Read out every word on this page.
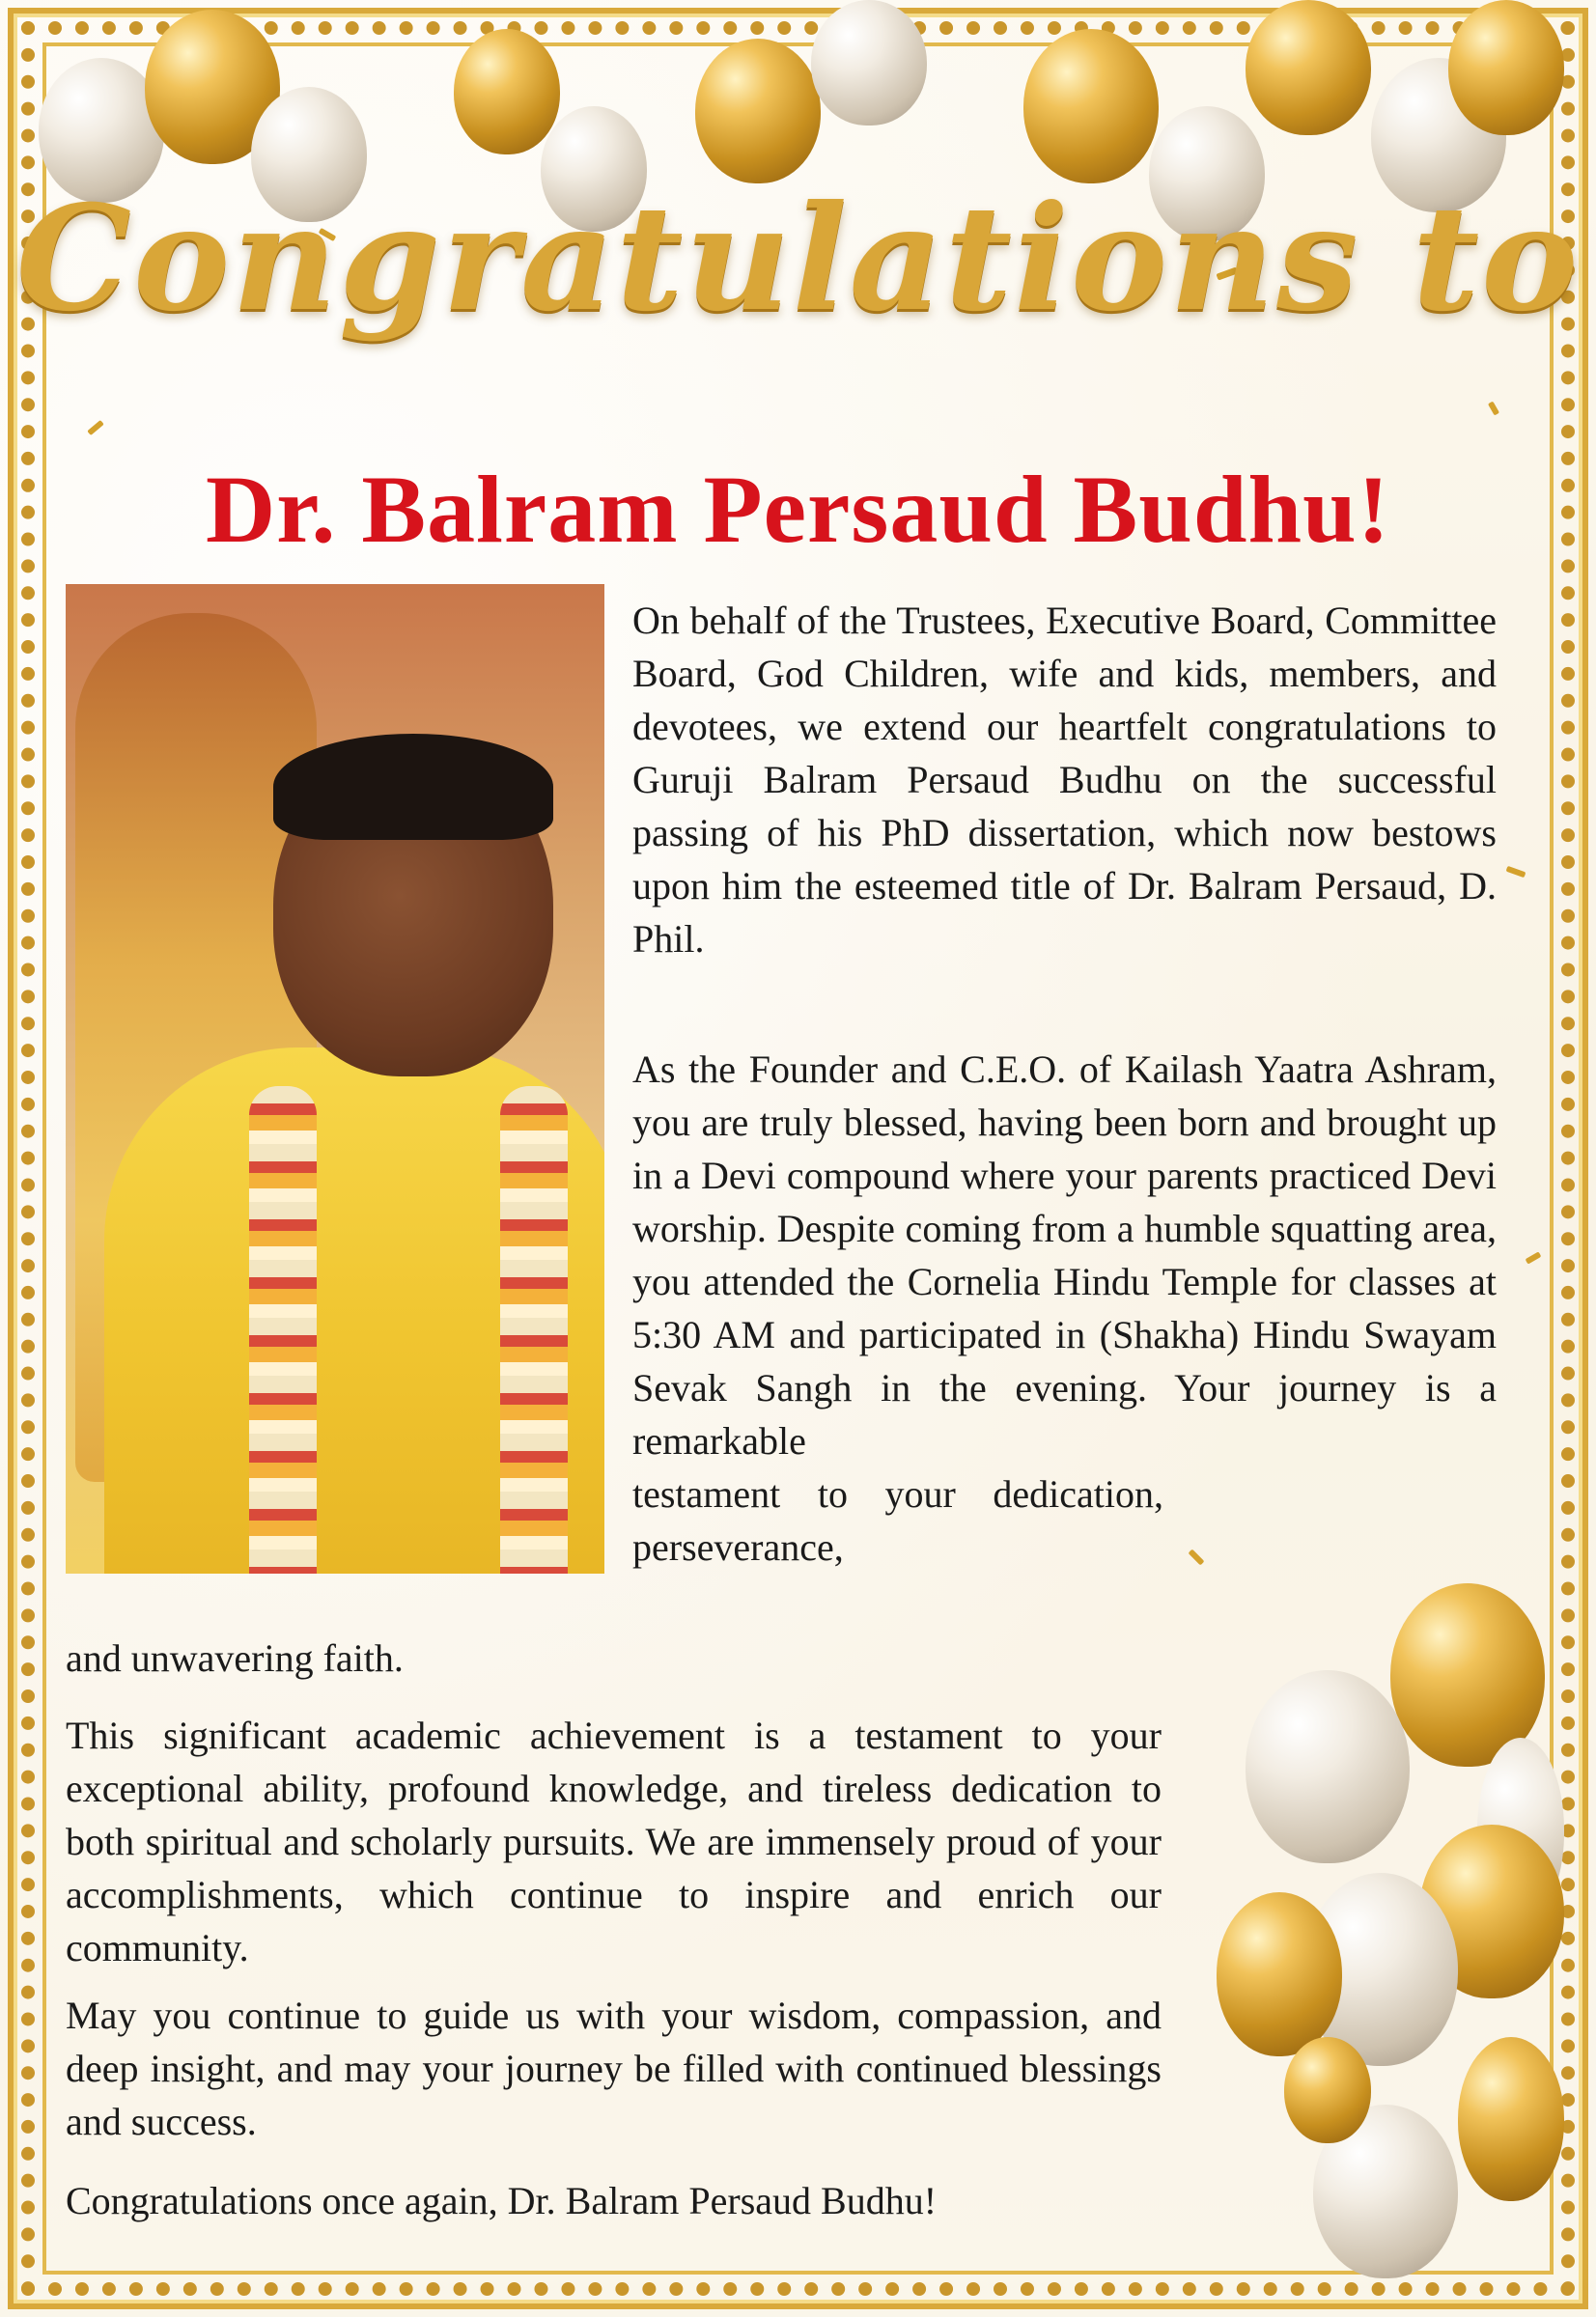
Congratulations to
Dr. Balram Persaud Budhu!
On behalf of the Trustees, Executive Board, Committee Board, God Children, wife and kids, members, and devotees, we extend our heartfelt congratulations to Guruji Balram Persaud Budhu on the successful passing of his PhD dissertation, which now bestows upon him the esteemed title of Dr. Balram Persaud, D. Phil.
As the Founder and C.E.O. of Kailash Yaatra Ashram, you are truly blessed, having been born and brought up in a Devi compound where your parents practiced Devi worship. Despite coming from a humble squatting area, you attended the Cornelia Hindu Temple for classes at 5:30 AM and participated in (Shakha) Hindu Swayam Sevak Sangh in the evening. Your journey is a remarkable
testament to your dedication, perseverance,
and unwavering faith.
This significant academic achievement is a testament to your exceptional ability, profound knowledge, and tireless dedication to both spiritual and scholarly pursuits. We are immensely proud of your accomplishments, which continue to inspire and enrich our community.
May you continue to guide us with your wisdom, compassion, and deep insight, and may your journey be filled with continued blessings and success.
Congratulations once again, Dr. Balram Persaud Budhu!
